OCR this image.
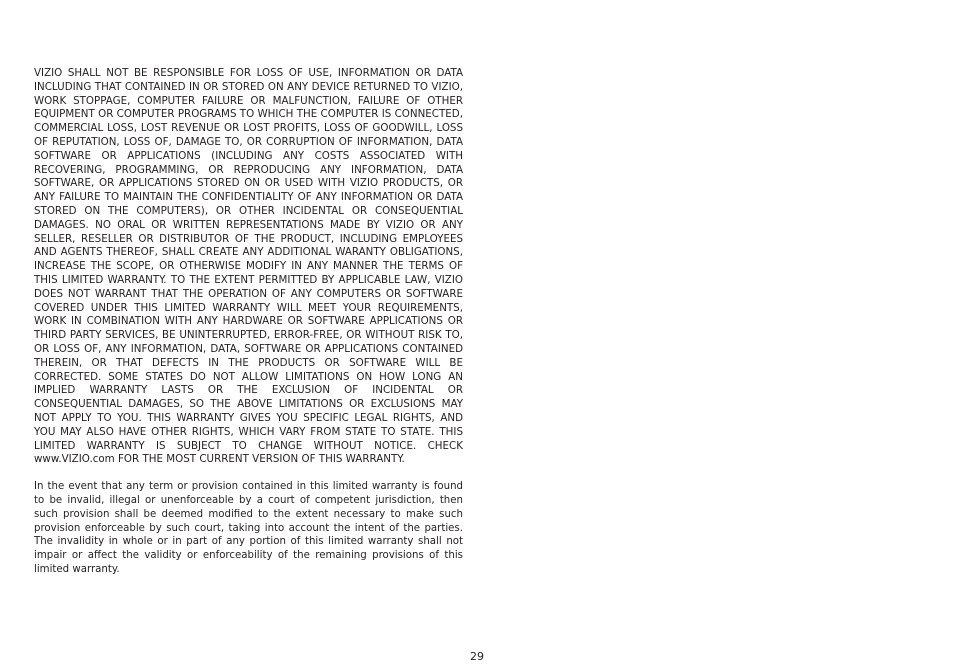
VIZIO SHALL NOT BE RESPONSIBLE FOR LOSS OF USE, INFORMATION OR DATA INCLUDING THAT CONTAINED IN OR STORED ON ANY DEVICE RETURNED TO VIZIO, WORK STOPPAGE, COMPUTER FAILURE OR MALFUNCTION, FAILURE OF OTHER EQUIPMENT OR COMPUTER PROGRAMS TO WHICH THE COMPUTER IS CONNECTED, COMMERCIAL LOSS, LOST REVENUE OR LOST PROFITS, LOSS OF GOODWILL, LOSS OF REPUTATION, LOSS OF, DAMAGE TO, OR CORRUPTION OF INFORMATION, DATA SOFTWARE OR APPLICATIONS (INCLUDING ANY COSTS ASSOCIATED WITH RECOVERING, PROGRAMMING, OR REPRODUCING ANY INFORMATION, DATA SOFTWARE, OR APPLICATIONS STORED ON OR USED WITH VIZIO PRODUCTS, OR ANY FAILURE TO MAINTAIN THE CONFIDENTIALITY OF ANY INFORMATION OR DATA STORED ON THE COMPUTERS), OR OTHER INCIDENTAL OR CONSEQUENTIAL DAMAGES. NO ORAL OR WRITTEN REPRESENTATIONS MADE BY VIZIO OR ANY SELLER, RESELLER OR DISTRIBUTOR OF THE PRODUCT, INCLUDING EMPLOYEES AND AGENTS THEREOF, SHALL CREATE ANY ADDITIONAL WARANTY OBLIGATIONS, INCREASE THE SCOPE, OR OTHERWISE MODIFY IN ANY MANNER THE TERMS OF THIS LIMITED WARRANTY. TO THE EXTENT PERMITTED BY APPLICABLE LAW, VIZIO DOES NOT WARRANT THAT THE OPERATION OF ANY COMPUTERS OR SOFTWARE COVERED UNDER THIS LIMITED WARRANTY WILL MEET YOUR REQUIREMENTS, WORK IN COMBINATION WITH ANY HARDWARE OR SOFTWARE APPLICATIONS OR THIRD PARTY SERVICES, BE UNINTERRUPTED, ERROR-FREE, OR WITHOUT RISK TO, OR LOSS OF, ANY INFORMATION, DATA, SOFTWARE OR APPLICATIONS CONTAINED THEREIN, OR THAT DEFECTS IN THE PRODUCTS OR SOFTWARE WILL BE CORRECTED. SOME STATES DO NOT ALLOW LIMITATIONS ON HOW LONG AN IMPLIED WARRANTY LASTS OR THE EXCLUSION OF INCIDENTAL OR CONSEQUENTIAL DAMAGES, SO THE ABOVE LIMITATIONS OR EXCLUSIONS MAY NOT APPLY TO YOU. THIS WARRANTY GIVES YOU SPECIFIC LEGAL RIGHTS, AND YOU MAY ALSO HAVE OTHER RIGHTS, WHICH VARY FROM STATE TO STATE. THIS LIMITED WARRANTY IS SUBJECT TO CHANGE WITHOUT NOTICE. CHECK www.VIZIO.com FOR THE MOST CURRENT VERSION OF THIS WARRANTY.

In the event that any term or provision contained in this limited warranty is found to be invalid, illegal or unenforceable by a court of competent jurisdiction, then such provision shall be deemed modified to the extent necessary to make such provision enforceable by such court, taking into account the intent of the parties. The invalidity in whole or in part of any portion of this limited warranty shall not impair or affect the validity or enforceability of the remaining provisions of this limited warranty.

29
